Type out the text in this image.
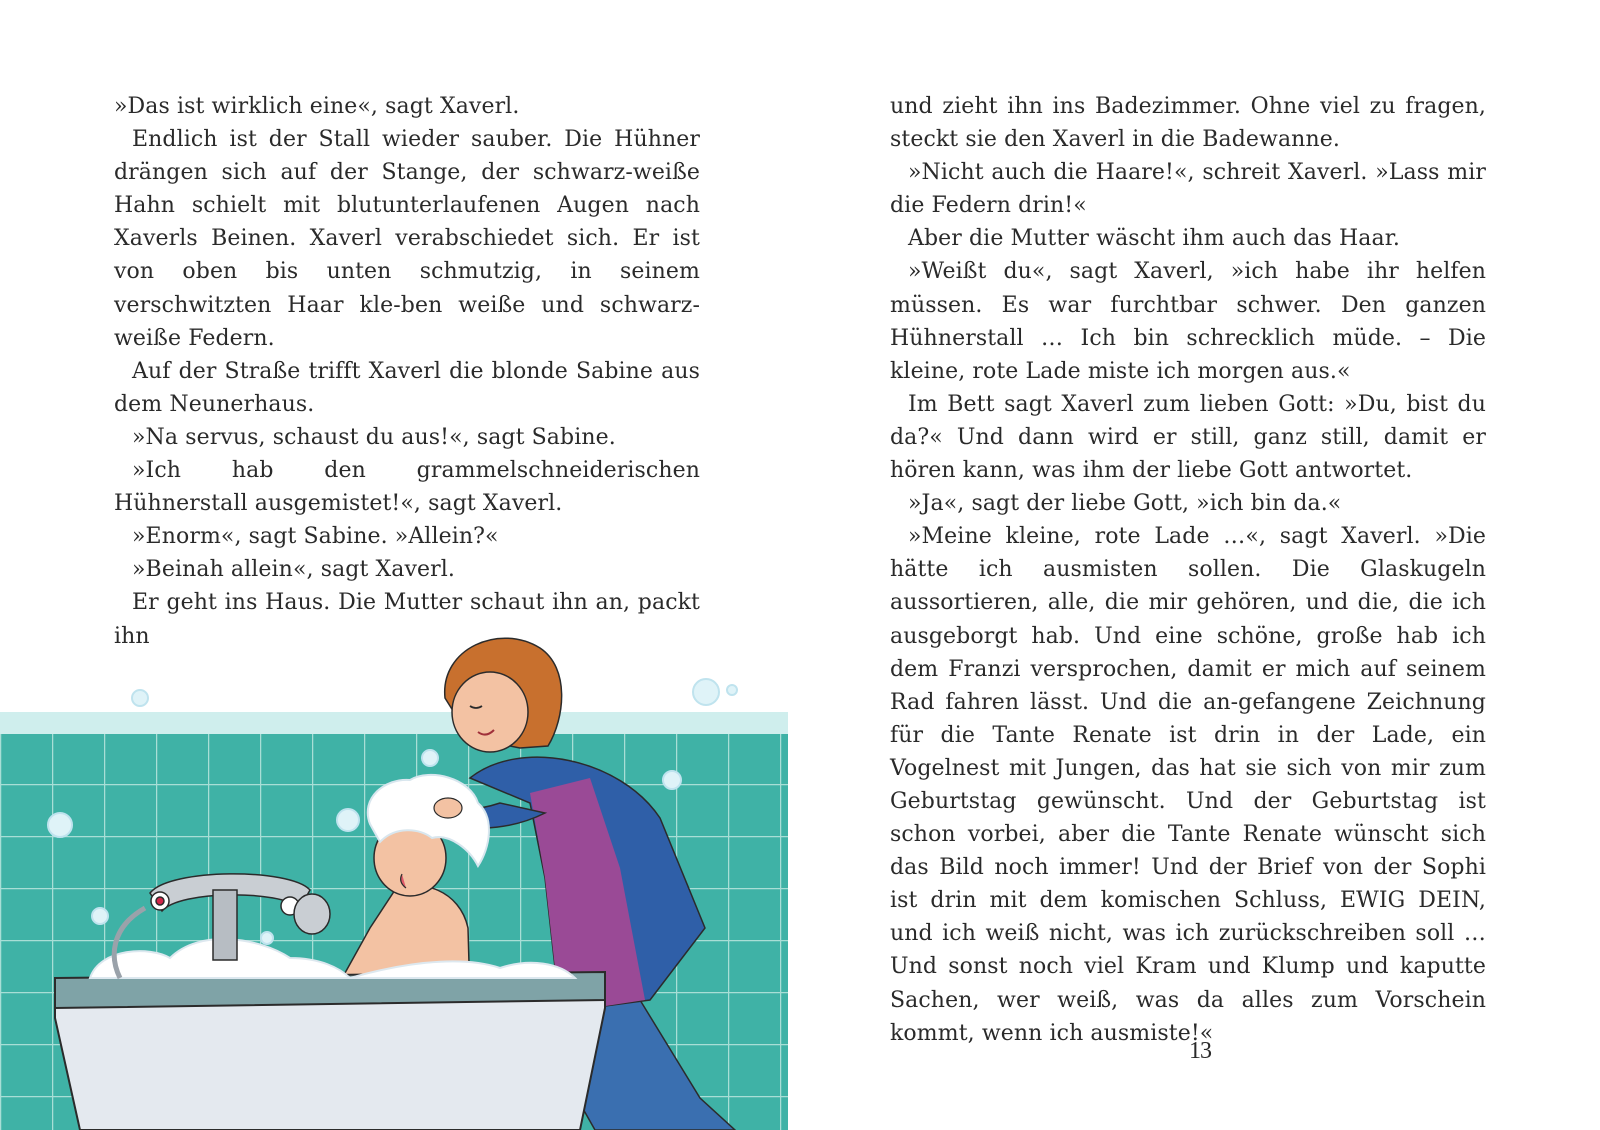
»Das ist wirklich eine«, sagt Xaverl.

Endlich ist der Stall wieder sauber. Die Hühner drängen sich auf der Stange, der schwarz-weiße Hahn schielt mit blutunterlaufenen Augen nach Xaverls Beinen. Xaverl verabschiedet sich. Er ist von oben bis unten schmutzig, in seinem verschwitzten Haar kle-ben weiße und schwarz-weiße Federn.

Auf der Straße trifft Xaverl die blonde Sabine aus dem Neunerhaus.

»Na servus, schaust du aus!«, sagt Sabine.

»Ich hab den grammelschneiderischen Hühnerstall ausgemistet!«, sagt Xaverl.

»Enorm«, sagt Sabine. »Allein?«

»Beinah allein«, sagt Xaverl.

Er geht ins Haus. Die Mutter schaut ihn an, packt ihn

und zieht ihn ins Badezimmer. Ohne viel zu fragen, steckt sie den Xaverl in die Badewanne.

»Nicht auch die Haare!«, schreit Xaverl. »Lass mir die Federn drin!«

Aber die Mutter wäscht ihm auch das Haar.

»Weißt du«, sagt Xaverl, »ich habe ihr helfen müssen. Es war furchtbar schwer. Den ganzen Hühnerstall … Ich bin schrecklich müde. – Die kleine, rote Lade miste ich morgen aus.«

Im Bett sagt Xaverl zum lieben Gott: »Du, bist du da?« Und dann wird er still, ganz still, damit er hören kann, was ihm der liebe Gott antwortet.

»Ja«, sagt der liebe Gott, »ich bin da.«

»Meine kleine, rote Lade …«, sagt Xaverl. »Die hätte ich ausmisten sollen. Die Glaskugeln aussortieren, alle, die mir gehören, und die, die ich ausgeborgt hab. Und eine schöne, große hab ich dem Franzi versprochen, damit er mich auf seinem Rad fahren lässt. Und die an-gefangene Zeichnung für die Tante Renate ist drin in der Lade, ein Vogelnest mit Jungen, das hat sie sich von mir zum Geburtstag gewünscht. Und der Geburtstag ist schon vorbei, aber die Tante Renate wünscht sich das Bild noch immer! Und der Brief von der Sophi ist drin mit dem komischen Schluss, EWIG DEIN, und ich weiß nicht, was ich zurückschreiben soll … Und sonst noch viel Kram und Klump und kaputte Sachen, wer weiß, was da alles zum Vorschein kommt, wenn ich ausmiste!«

13
